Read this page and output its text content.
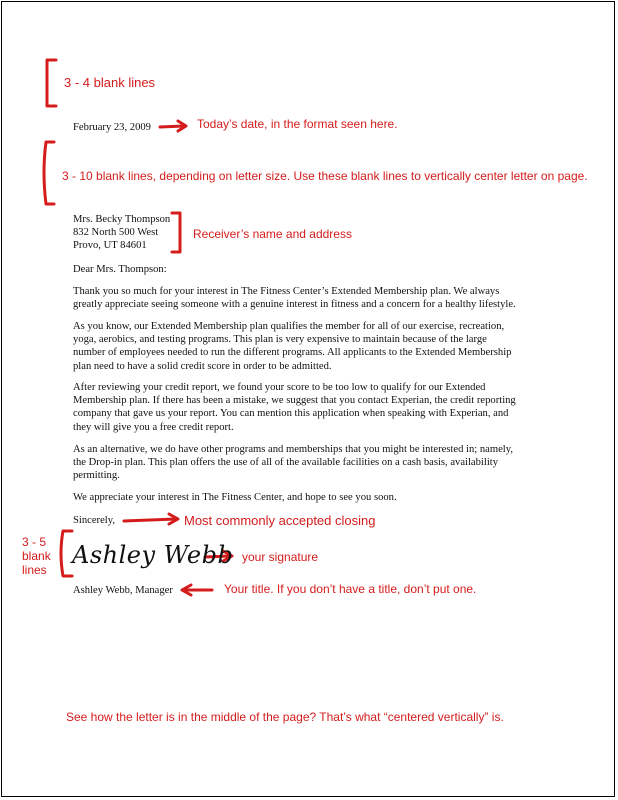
3 - 4 blank lines
Today’s date, in the format seen here.
3 - 10 blank lines, depending on letter size. Use these blank lines to vertically center letter on page.
Receiver’s name and address
Most commonly accepted closing
3 - 5
blank
lines
your signature
Your title. If you don’t have a title, don’t put one.
See how the letter is in the middle of the page? That’s what “centered vertically” is.
February 23, 2009
Mrs. Becky Thompson
832 North 500 West
Provo, UT 84601
Dear Mrs. Thompson:
Thank you so much for your interest in The Fitness Center’s Extended Membership plan. We always
greatly appreciate seeing someone with a genuine interest in fitness and a concern for a healthy lifestyle.
As you know, our Extended Membership plan qualifies the member for all of our exercise, recreation,
yoga, aerobics, and testing programs. This plan is very expensive to maintain because of the large
number of employees needed to run the different programs. All applicants to the Extended Membership
plan need to have a solid credit score in order to be admitted.
After reviewing your credit report, we found your score to be too low to qualify for our Extended
Membership plan. If there has been a mistake, we suggest that you contact Experian, the credit reporting
company that gave us your report. You can mention this application when speaking with Experian, and
they will give you a free credit report.
As an alternative, we do have other programs and memberships that you might be interested in; namely,
the Drop-in plan. This plan offers the use of all of the available facilities on a cash basis, availability
permitting.
We appreciate your interest in The Fitness Center, and hope to see you soon.
Sincerely,
Ashley Webb
Ashley Webb, Manager
